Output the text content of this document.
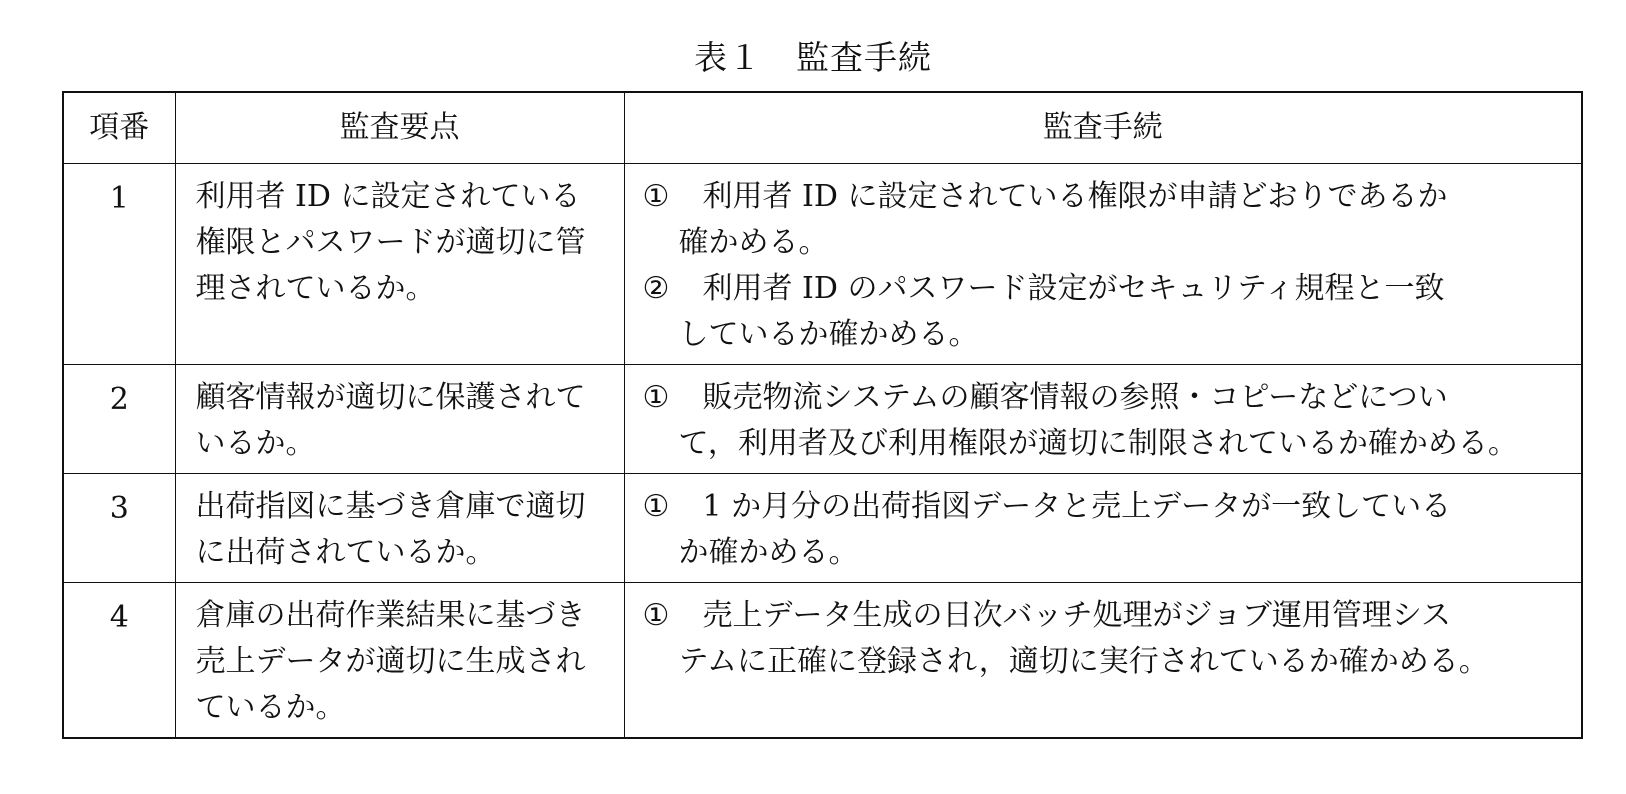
表１　監査手続
項番	監査要点	監査手続
1	利用者 ID に設定されている権限とパスワードが適切に管理されているか。	① 利用者 ID に設定されている権限が申請どおりであるか
確かめる。
② 利用者 ID のパスワード設定がセキュリティ規程と一致
しているか確かめる。

2	顧客情報が適切に保護されているか。	① 販売物流システムの顧客情報の参照・コピーなどについ
て，利用者及び利用権限が適切に制限されているか確かめる。

3	出荷指図に基づき倉庫で適切に出荷されているか。	① 1 か月分の出荷指図データと売上データが一致している
か確かめる。

4	倉庫の出荷作業結果に基づき売上データが適切に生成されているか。	① 売上データ生成の日次バッチ処理がジョブ運用管理シス
テムに正確に登録され，適切に実行されているか確かめる。
